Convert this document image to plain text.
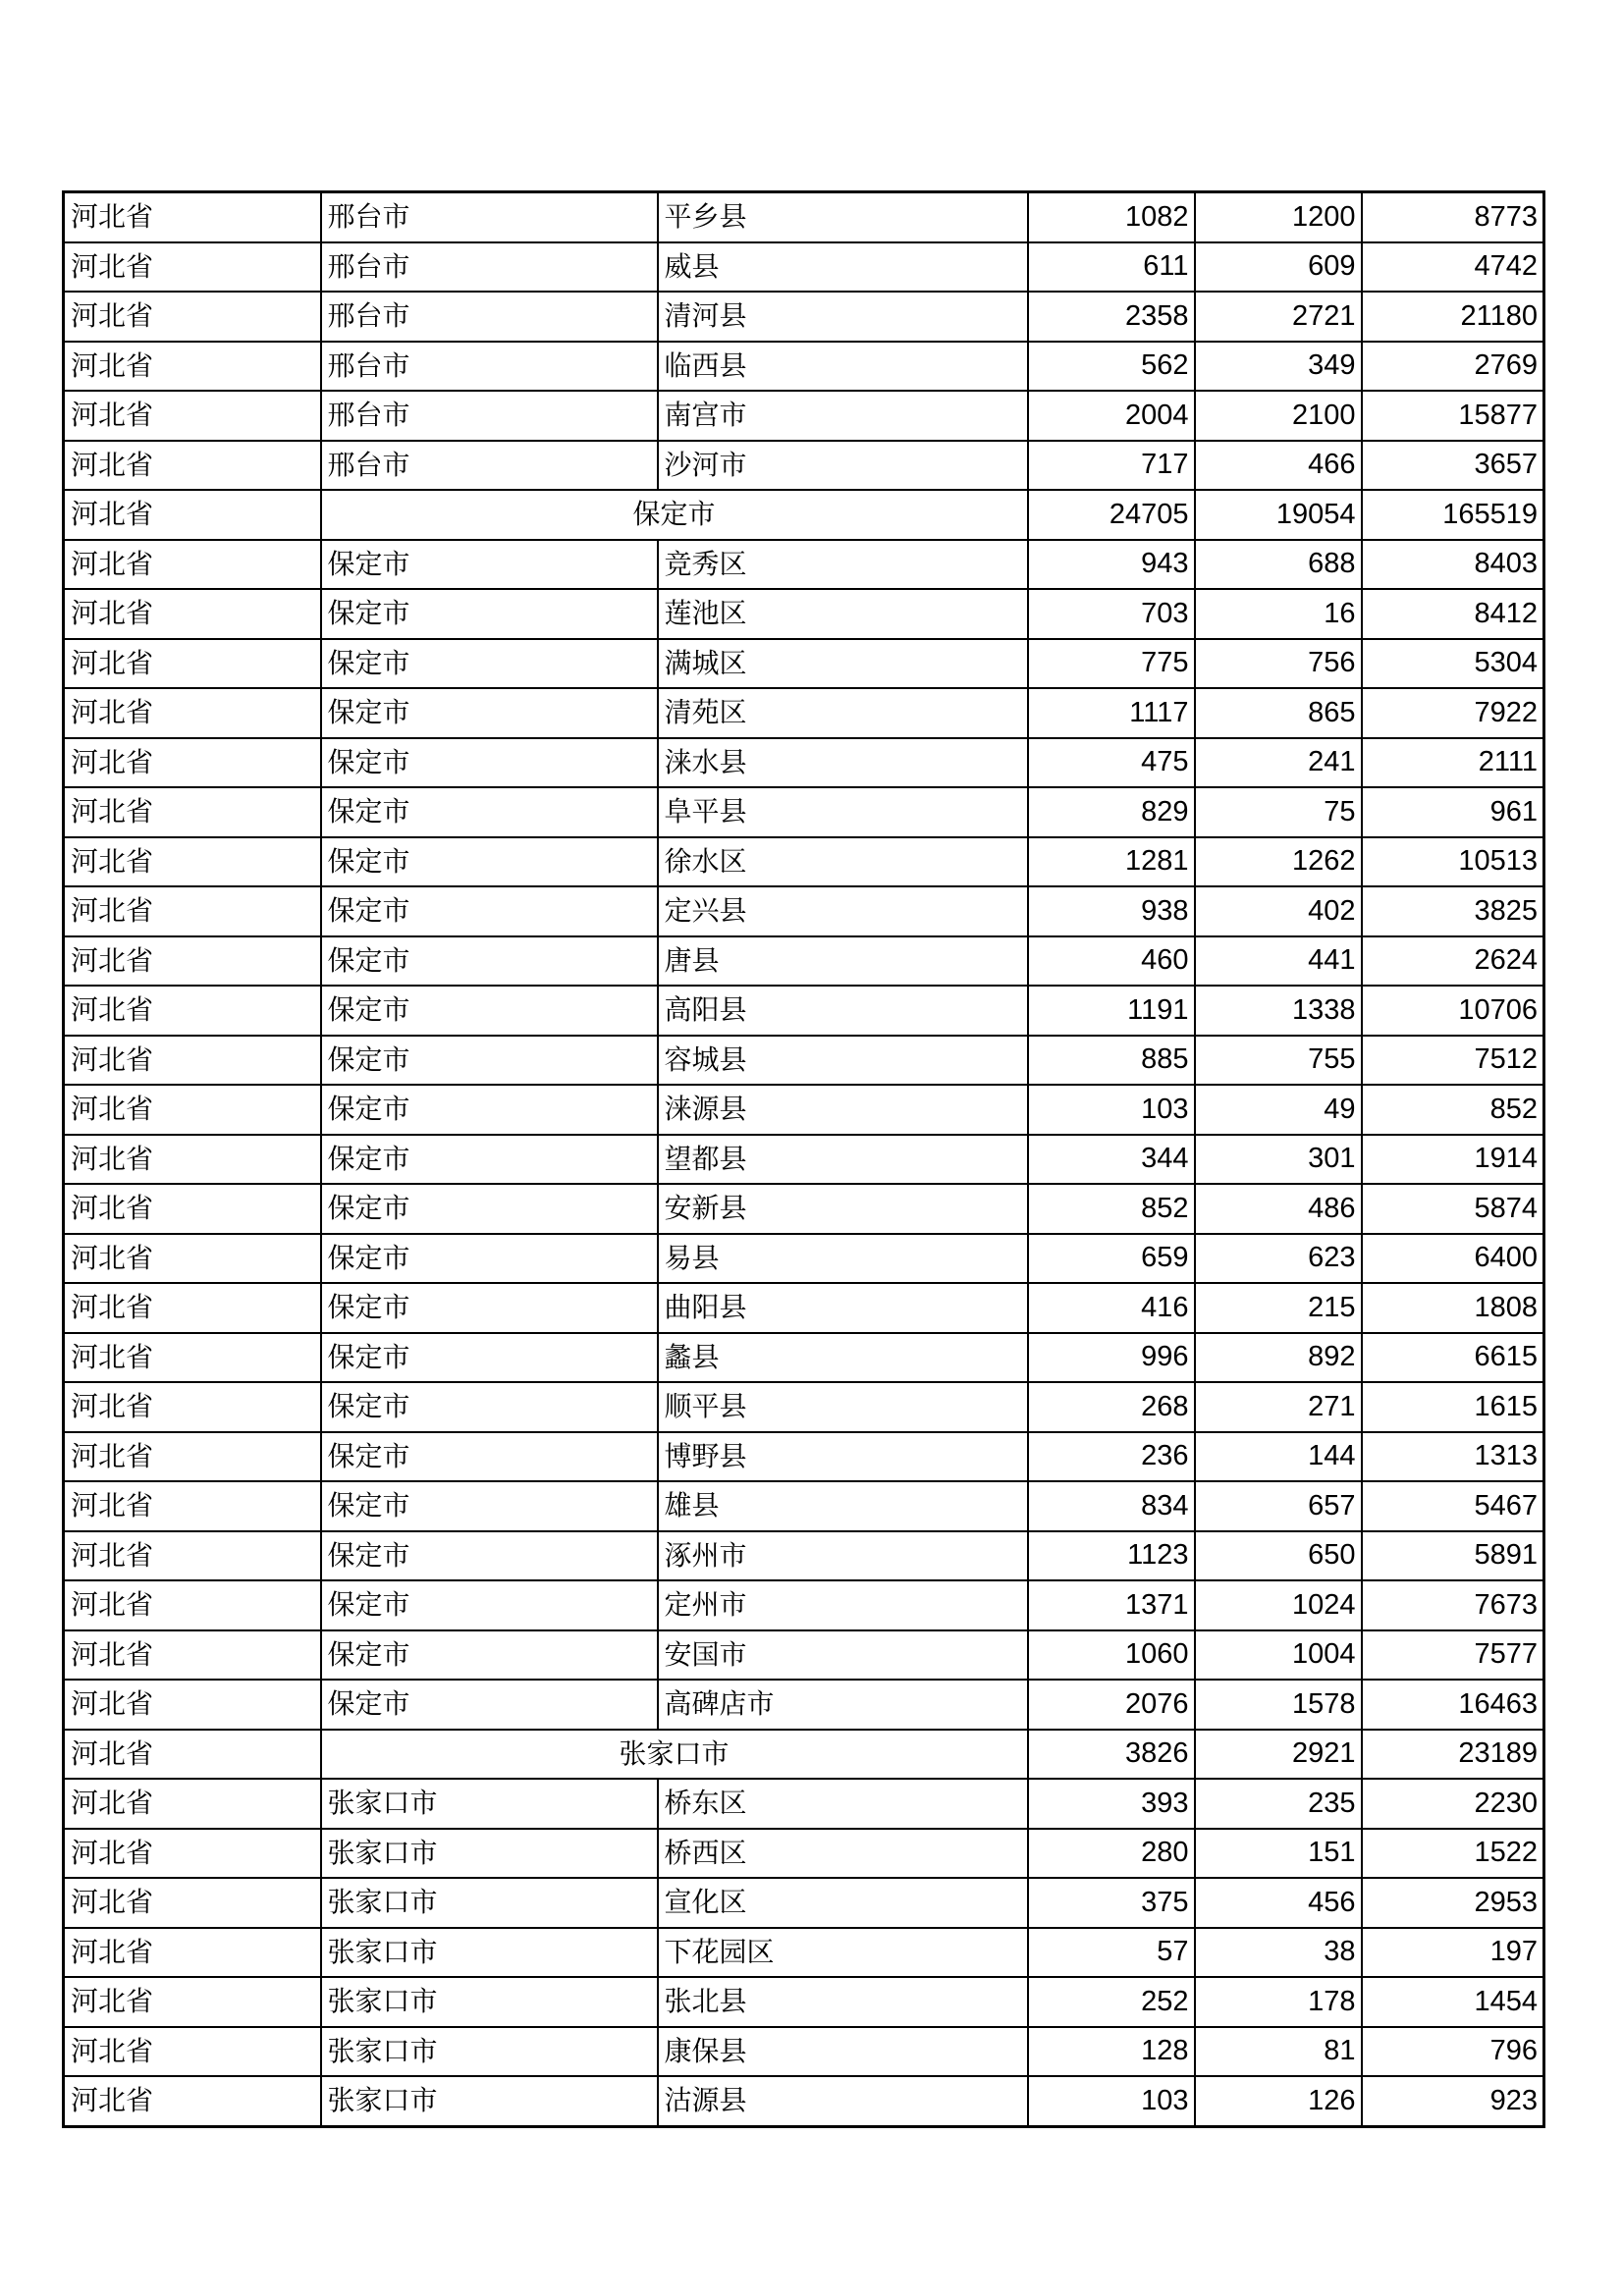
河北省	邢台市	平乡县	1082	1200	8773
河北省	邢台市	威县	611	609	4742
河北省	邢台市	清河县	2358	2721	21180
河北省	邢台市	临西县	562	349	2769
河北省	邢台市	南宫市	2004	2100	15877
河北省	邢台市	沙河市	717	466	3657
河北省	保定市		24705	19054	165519
河北省	保定市	竞秀区	943	688	8403
河北省	保定市	莲池区	703	16	8412
河北省	保定市	满城区	775	756	5304
河北省	保定市	清苑区	1117	865	7922
河北省	保定市	涞水县	475	241	2111
河北省	保定市	阜平县	829	75	961
河北省	保定市	徐水区	1281	1262	10513
河北省	保定市	定兴县	938	402	3825
河北省	保定市	唐县	460	441	2624
河北省	保定市	高阳县	1191	1338	10706
河北省	保定市	容城县	885	755	7512
河北省	保定市	涞源县	103	49	852
河北省	保定市	望都县	344	301	1914
河北省	保定市	安新县	852	486	5874
河北省	保定市	易县	659	623	6400
河北省	保定市	曲阳县	416	215	1808
河北省	保定市	蠡县	996	892	6615
河北省	保定市	顺平县	268	271	1615
河北省	保定市	博野县	236	144	1313
河北省	保定市	雄县	834	657	5467
河北省	保定市	涿州市	1123	650	5891
河北省	保定市	定州市	1371	1024	7673
河北省	保定市	安国市	1060	1004	7577
河北省	保定市	高碑店市	2076	1578	16463
河北省	张家口市		3826	2921	23189
河北省	张家口市	桥东区	393	235	2230
河北省	张家口市	桥西区	280	151	1522
河北省	张家口市	宣化区	375	456	2953
河北省	张家口市	下花园区	57	38	197
河北省	张家口市	张北县	252	178	1454
河北省	张家口市	康保县	128	81	796
河北省	张家口市	沽源县	103	126	923
